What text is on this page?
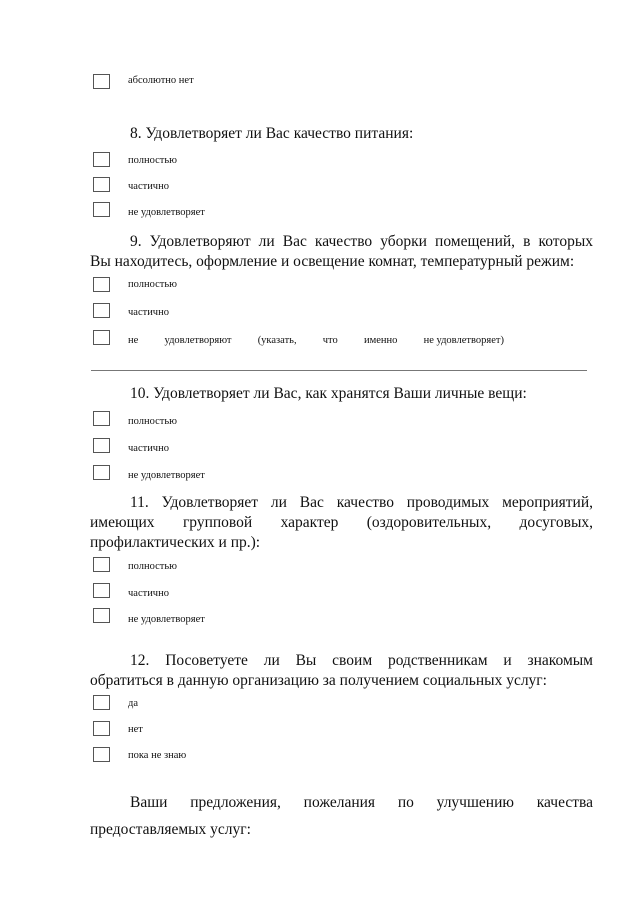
абсолютно нет
8. Удовлетворяет ли Вас качество питания:
полностью
частично
не удовлетворяет
9. Удовлетворяют ли Вас качество уборки помещений, в которых
Вы находитесь, оформление и освещение комнат, температурный режим:
полностью
частично
не удовлетворяют (указать, что именно не удовлетворяет)
10. Удовлетворяет ли Вас, как хранятся Ваши личные вещи:
полностью
частично
не удовлетворяет
11. Удовлетворяет ли Вас качество проводимых мероприятий,
имеющих групповой характер (оздоровительных, досуговых,
профилактических и пр.):
полностью
частично
не удовлетворяет
12. Посоветуете ли Вы своим родственникам и знакомым
обратиться в данную организацию за получением социальных услуг:
да
нет
пока не знаю
Ваши предложения, пожелания по улучшению качества
предоставляемых услуг:
